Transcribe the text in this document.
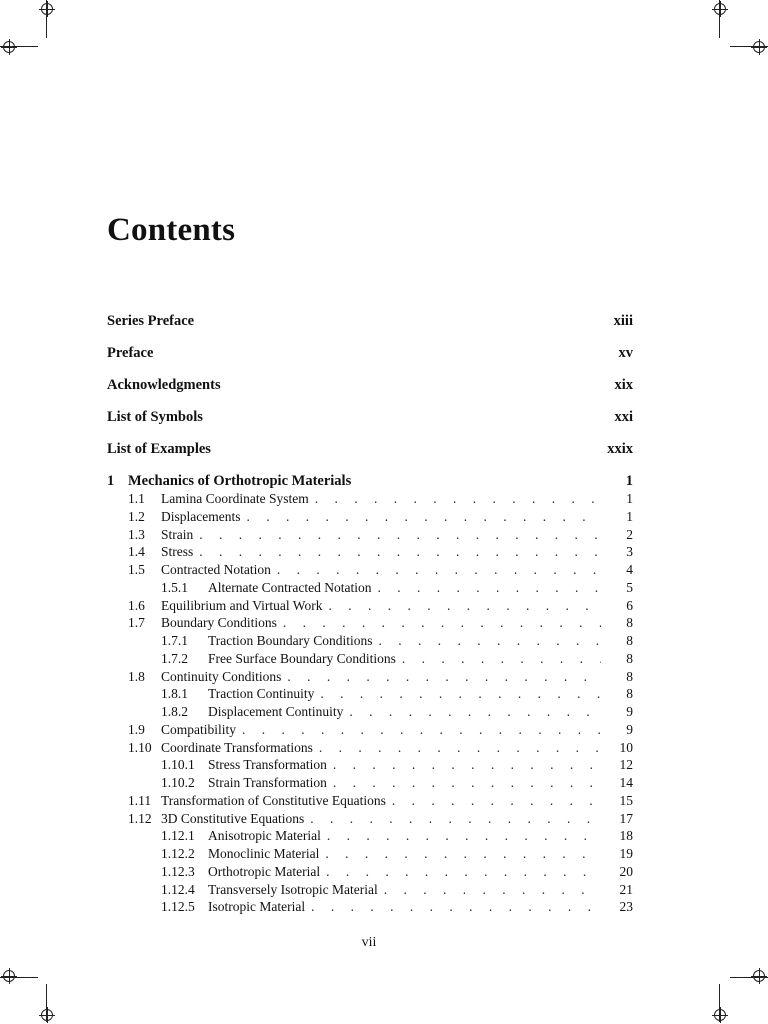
Contents
Series Preface	xiii
Preface	xv
Acknowledgments	xix
List of Symbols	xxi
List of Examples	xxix
1 Mechanics of Orthotropic Materials	1
1.1	Lamina Coordinate System . . .	1
1.2	Displacements . . .	1
1.3	Strain . . .	2
1.4	Stress . . .	3
1.5	Contracted Notation . . .	4
1.5.1	Alternate Contracted Notation . . .	5
1.6	Equilibrium and Virtual Work . . .	6
1.7	Boundary Conditions . . .	8
1.7.1	Traction Boundary Conditions . . .	8
1.7.2	Free Surface Boundary Conditions . . .	8
1.8	Continuity Conditions . . .	8
1.8.1	Traction Continuity . . .	8
1.8.2	Displacement Continuity . . .	9
1.9	Compatibility . . .	9
1.10 Coordinate Transformations . . .	10
1.10.1 Stress Transformation . . .	12
1.10.2 Strain Transformation . . .	14
1.11 Transformation of Constitutive Equations . . .	15
1.12 3D Constitutive Equations . . .	17
1.12.1 Anisotropic Material . . .	18
1.12.2 Monoclinic Material . . .	19
1.12.3 Orthotropic Material . . .	20
1.12.4 Transversely Isotropic Material . . .	21
1.12.5 Isotropic Material . . .	23
vii
